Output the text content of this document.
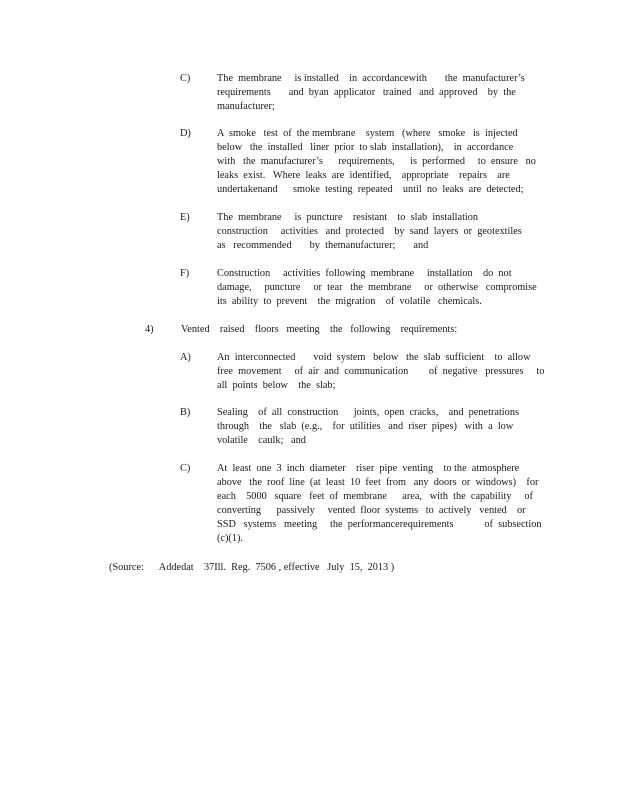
C)	The  membrane     is installed    in  accordancewith       the  manufacturer’s
requirements       and  byan  applicator   trained   and  approved    by  the
manufacturer;
D)	A  smoke   test  of  the membrane    system   (where   smoke   is  injected
below   the  installed   liner  prior  to slab  installation),    in  accordance
with   the  manufacturer’s      requirements,      is  performed     to  ensure   no
leaks  exist.   Where  leaks  are  identified,    appropriate    repairs    are
undertakenand      smoke  testing  repeated    until  no  leaks  are  detected;
E)	The  membrane     is  puncture    resistant    to  slab  installation
construction     activities   and  protected    by  sand  layers  or  geotextiles
as   recommended       by  themanufacturer;       and
F)	Construction     activities  following  membrane     installation    do  not
damage,     puncture     or  tear   the  membrane     or  otherwise   compromise
its  ability  to  prevent    the  migration    of  volatile   chemicals.
4)	Vented    raised    floors   meeting    the   following    requirements:
A)	An  interconnected       void  system   below   the  slab  sufficient    to  allow
free  movement     of  air  and  communication        of  negative   pressures     to
all  points  below    the  slab;
B)	Sealing    of  all  construction      joints,  open  cracks,    and  penetrations
through    the   slab  (e.g.,    for  utilities   and  riser  pipes)   with  a  low
volatile    caulk;   and
C)	At  least  one  3  inch  diameter    riser  pipe  venting    to the  atmosphere
above   the  roof  line  (at  least  10  feet  from   any  doors  or  windows)    for
each    5000   square   feet  of  membrane      area,   with  the  capability     of
converting      passively     vented  floor  systems   to  actively   vented    or
SSD   systems   meeting     the  performancerequirements            of  subsection
(c)(1).
(Source:      Addedat    37Ill.  Reg.  7506 , effective   July  15,  2013 )
